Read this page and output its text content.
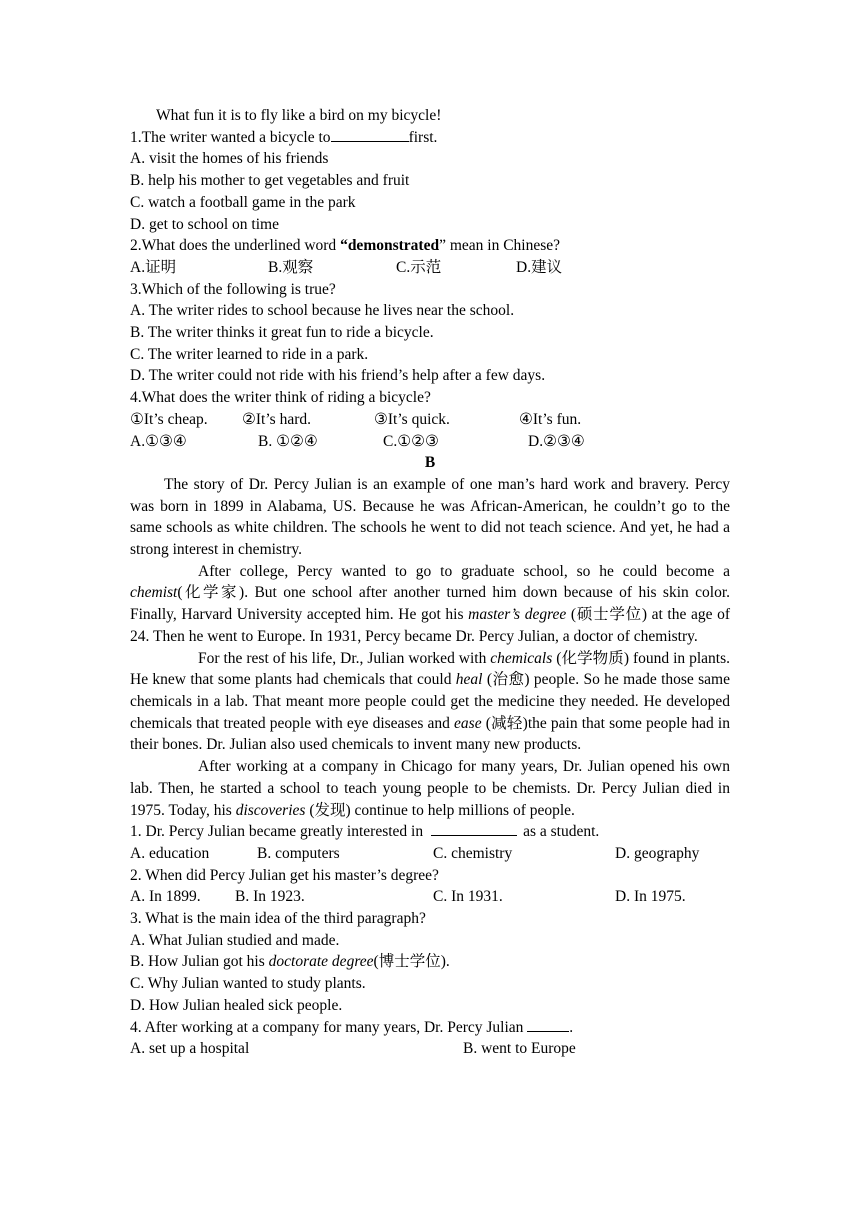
What fun it is to fly like a bird on my bicycle!
1.The writer wanted a bicycle to	first.
A. visit the homes of his friends
B. help his mother to get vegetables and fruit
C. watch a football game in the park
D. get to school on time
2.What does the underlined word “demonstrated” mean in Chinese?
A.证明	B.观察	C.示范	D.建议
3.Which of the following is true?
A. The writer rides to school because he lives near the school.
B. The writer thinks it great fun to ride a bicycle.
C. The writer learned to ride in a park.
D. The writer could not ride with his friend’s help after a few days.
4.What does the writer think of riding a bicycle?
①It’s cheap.	②It’s hard.	③It’s quick.	④It’s fun.
A.①③④	B. ①②④	C.①②③	D.②③④
B
The story of Dr. Percy Julian is an example of one man’s hard work and bravery. Percy was born in 1899 in Alabama, US. Because he was African-American, he couldn’t go to the same schools as white children. The schools he went to did not teach science. And yet, he had a strong interest in chemistry.
After college, Percy wanted to go to graduate school, so he could become a chemist(化学家). But one school after another turned him down because of his skin color. Finally, Harvard University accepted him. He got his master’s degree (硕士学位) at the age of 24. Then he went to Europe. In 1931, Percy became Dr. Percy Julian, a doctor of chemistry.
For the rest of his life, Dr., Julian worked with chemicals (化学物质) found in plants. He knew that some plants had chemicals that could heal (治愈) people. So he made those same chemicals in a lab. That meant more people could get the medicine they needed. He developed chemicals that treated people with eye diseases and ease (减轻)the pain that some people had in their bones. Dr. Julian also used chemicals to invent many new products.
After working at a company in Chicago for many years, Dr. Julian opened his own lab. Then, he started a school to teach young people to be chemists. Dr. Percy Julian died in 1975. Today, his discoveries (发现) continue to help millions of people.
1. Dr. Percy Julian became greatly interested in	as a student.
A. education	B. computers	C. chemistry	D. geography
2. When did Percy Julian get his master’s degree?
A. In 1899.	B. In 1923.	C. In 1931.	D. In 1975.
3. What is the main idea of the third paragraph?
A. What Julian studied and made.
B. How Julian got his doctorate degree(博士学位).
C. Why Julian wanted to study plants.
D. How Julian healed sick people.
4. After working at a company for many years, Dr. Percy Julian	.
A. set up a hospital	B. went to Europe
